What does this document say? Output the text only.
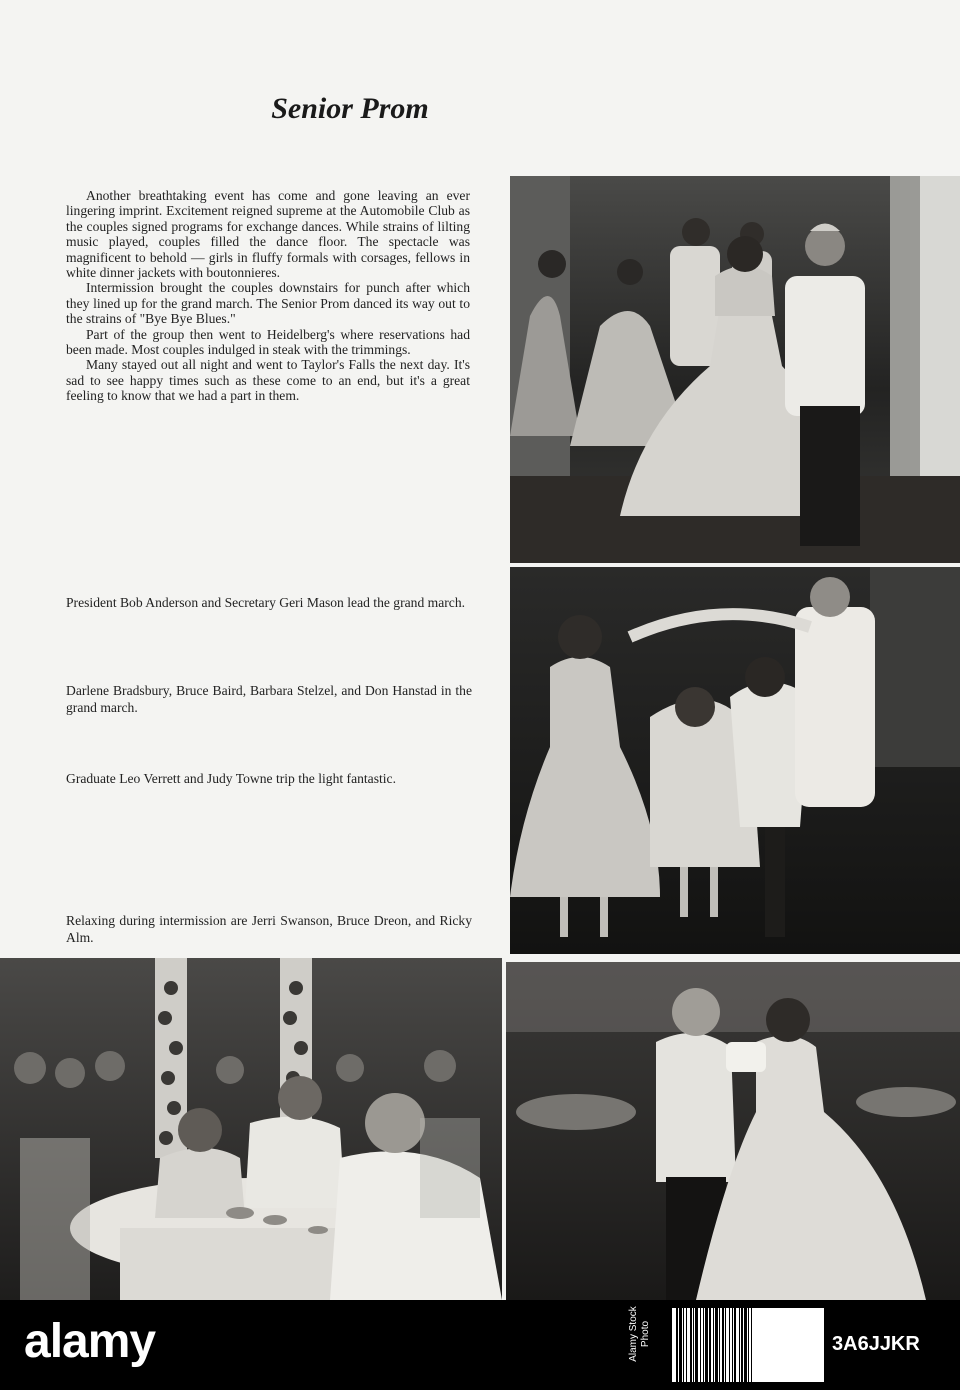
Senior Prom

Another breathtaking event has come and gone leaving an ever lingering imprint. Excitement reigned supreme at the Automobile Club as the couples signed programs for exchange dances. While strains of lilting music played, couples filled the dance floor. The spectacle was magnificent to behold — girls in fluffy formals with corsages, fellows in white dinner jackets with boutonnieres.

Intermission brought the couples downstairs for punch after which they lined up for the grand march. The Senior Prom danced its way out to the strains of "Bye Bye Blues."

Part of the group then went to Heidelberg's where reservations had been made. Most couples indulged in steak with the trimmings.

Many stayed out all night and went to Taylor's Falls the next day. It's sad to see happy times such as these come to an end, but it's a great feeling to know that we had a part in them.

President Bob Anderson and Secretary Geri Mason lead the grand march.

Darlene Bradsbury, Bruce Baird, Barbara Stelzel, and Don Hanstad in the grand march.

Graduate Leo Verrett and Judy Towne trip the light fantastic.

Relaxing during intermission are Jerri Swanson, Bruce Dreon, and Ricky Alm.

alamy	Alamy Stock Photo	3A6JJKR
